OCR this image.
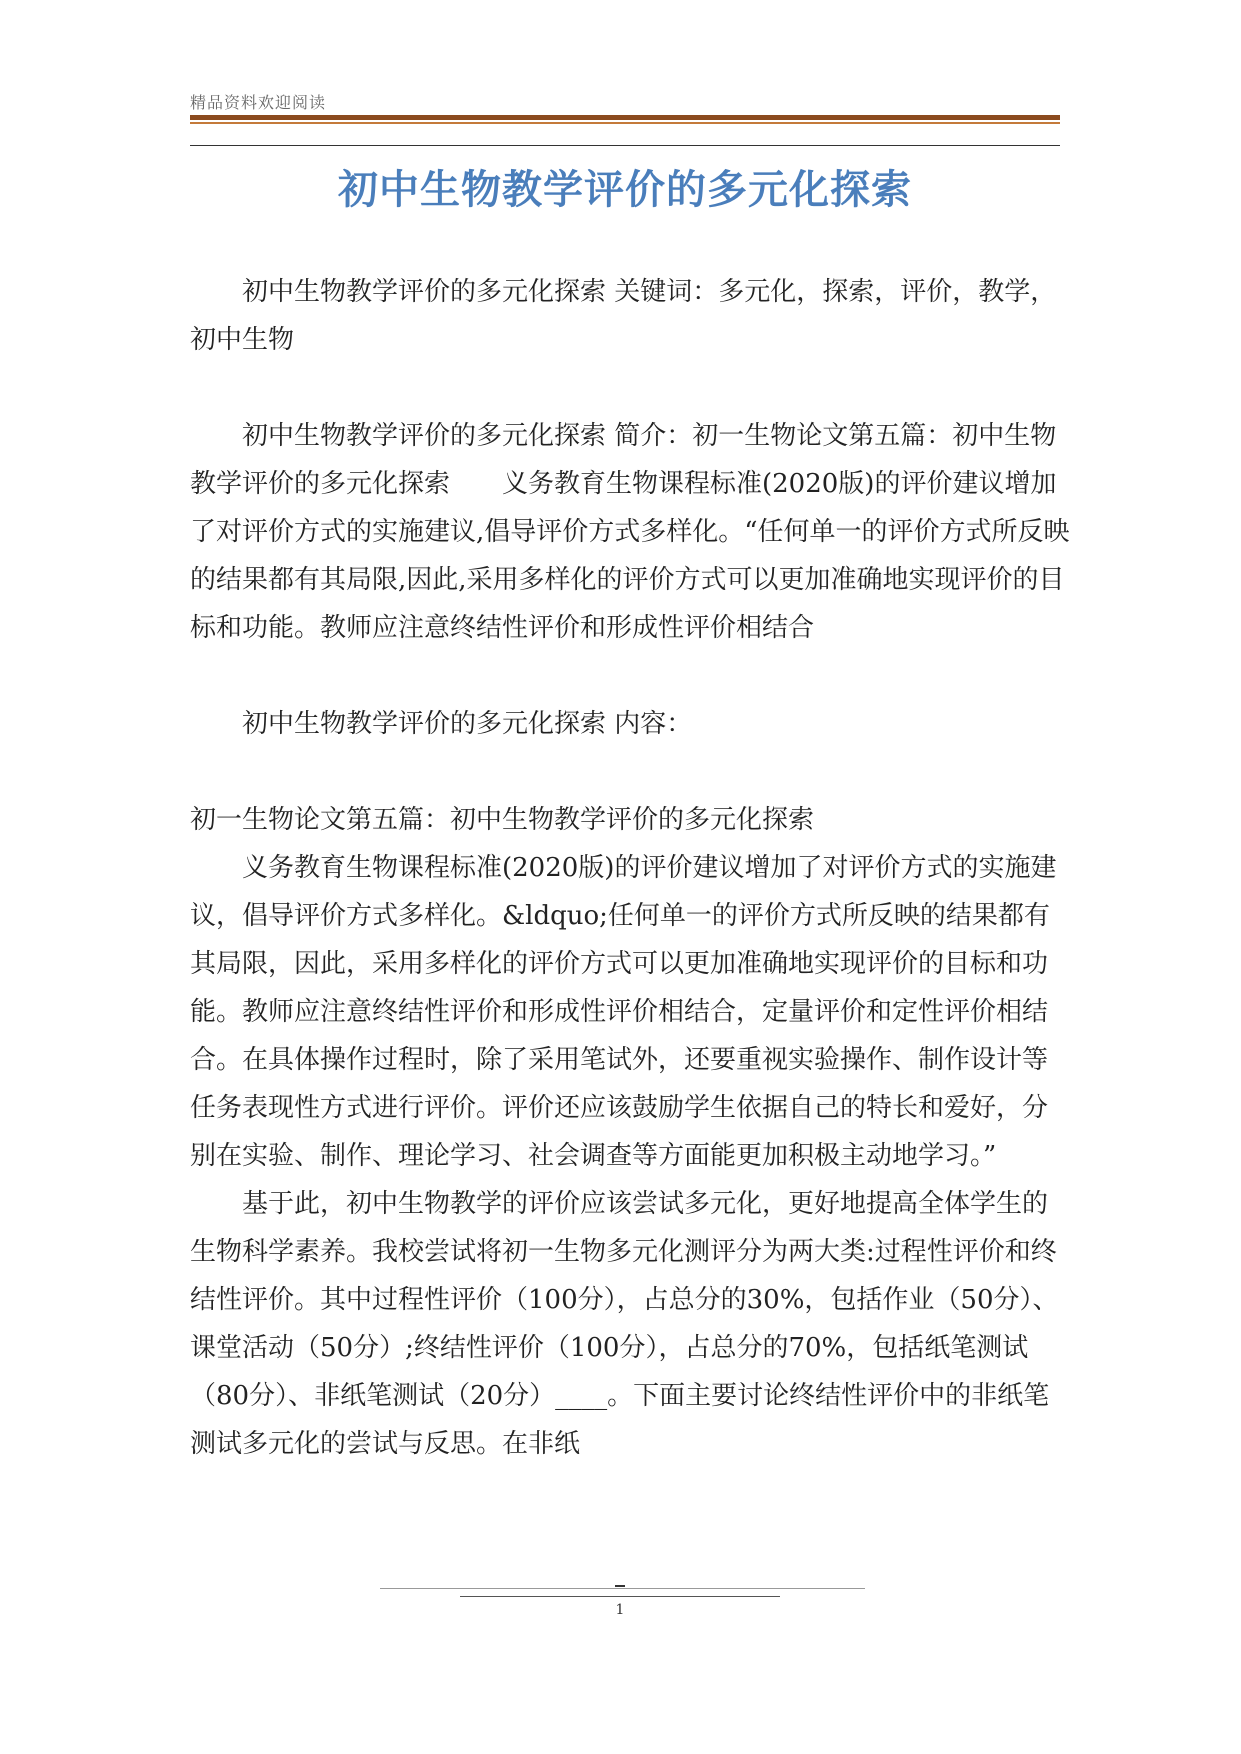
精品资料欢迎阅读
初中生物教学评价的多元化探索

初中生物教学评价的多元化探索 关键词：多元化，探索，评价，教学，初中生物

初中生物教学评价的多元化探索 简介：初一生物论文第五篇：初中生物教学评价的多元化探索　　义务教育生物课程标准(2020版)的评价建议增加了对评价方式的实施建议,倡导评价方式多样化。“任何单一的评价方式所反映的结果都有其局限,因此,采用多样化的评价方式可以更加准确地实现评价的目标和功能。教师应注意终结性评价和形成性评价相结合

初中生物教学评价的多元化探索 内容：

初一生物论文第五篇：初中生物教学评价的多元化探索

义务教育生物课程标准(2020版)的评价建议增加了对评价方式的实施建议，倡导评价方式多样化。&ldquo;任何单一的评价方式所反映的结果都有其局限，因此，采用多样化的评价方式可以更加准确地实现评价的目标和功能。教师应注意终结性评价和形成性评价相结合，定量评价和定性评价相结合。在具体操作过程时，除了采用笔试外，还要重视实验操作、制作设计等任务表现性方式进行评价。评价还应该鼓励学生依据自己的特长和爱好，分别在实验、制作、理论学习、社会调查等方面能更加积极主动地学习。”

基于此，初中生物教学的评价应该尝试多元化，更好地提高全体学生的生物科学素养。我校尝试将初一生物多元化测评分为两大类:过程性评价和终结性评价。其中过程性评价（100分），占总分的30%，包括作业（50分）、课堂活动（50分）;终结性评价（100分），占总分的70%，包括纸笔测试（80分）、非纸笔测试（20分）____。下面主要讨论终结性评价中的非纸笔测试多元化的尝试与反思。在非纸

1
